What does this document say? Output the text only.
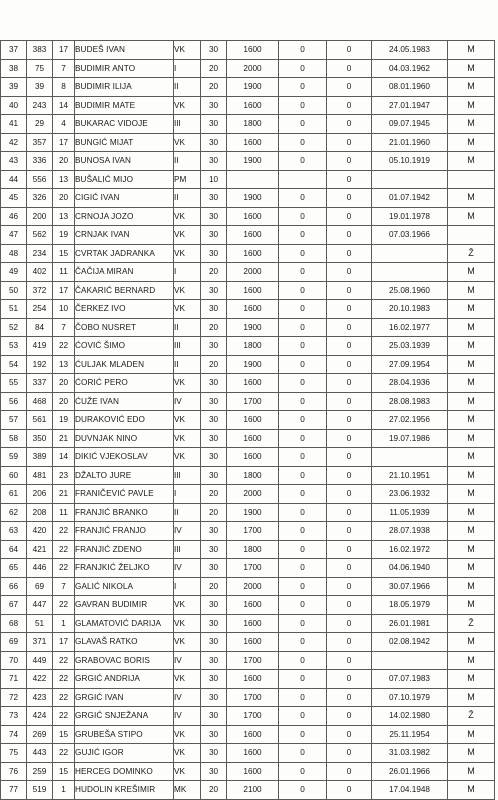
37	383	17	BUDEŠ IVAN	VK	30	1600	0	0	24.05.1983	M
38	75	7	BUDIMIR ANTO	I	20	2000	0	0	04.03.1962	M
39	39	8	BUDIMIR ILIJA	II	20	1900	0	0	08.01.1960	M
40	243	14	BUDIMIR MATE	VK	30	1600	0	0	27.01.1947	M
41	29	4	BUKARAC VIDOJE	III	30	1800	0	0	09.07.1945	M
42	357	17	BUNGIĆ MIJAT	VK	30	1600	0	0	21.01.1960	M
43	336	20	BUNOSA IVAN	II	30	1900	0	0	05.10.1919	M
44	556	13	BUŠALIĆ MIJO	PM	10			0		
45	326	20	CIGIĆ IVAN	II	30	1900	0	0	01.07.1942	M
46	200	13	CRNOJA JOZO	VK	30	1600	0	0	19.01.1978	M
47	562	19	CRNJAK IVAN	VK	30	1600	0	0	07.03.1966	
48	234	15	CVRTAK JADRANKA	VK	30	1600	0	0		Ž
49	402	11	ČAČIJA MIRAN	I	20	2000	0	0		M
50	372	17	ČAKARIĆ BERNARD	VK	30	1600	0	0	25.08.1960	M
51	254	10	ČERKEZ IVO	VK	30	1600	0	0	20.10.1983	M
52	84	7	ČOBO NUSRET	II	20	1900	0	0	16.02.1977	M
53	419	22	ĆOVIĆ ŠIMO	III	30	1800	0	0	25.03.1939	M
54	192	13	ĆULJAK MLADEN	II	20	1900	0	0	27.09.1954	M
55	337	20	ĆORIĆ PERO	VK	30	1600	0	0	28.04.1936	M
56	468	20	ĆUŽE IVAN	IV	30	1700	0	0	28.08.1983	M
57	561	19	DURAKOVIĆ EDO	VK	30	1600	0	0	27.02.1956	M
58	350	21	DUVNJAK NINO	VK	30	1600	0	0	19.07.1986	M
59	389	14	DIKIĆ VJEKOSLAV	VK	30	1600	0	0		M
60	481	23	DŽALTO JURE	III	30	1800	0	0	21.10.1951	M
61	206	21	FRANIČEVIĆ PAVLE	I	20	2000	0	0	23.06.1932	M
62	208	11	FRANJIĆ BRANKO	II	20	1900	0	0	11.05.1939	M
63	420	22	FRANJIĆ FRANJO	IV	30	1700	0	0	28.07.1938	M
64	421	22	FRANJIĆ ZDENO	III	30	1800	0	0	16.02.1972	M
65	446	22	FRANJKIĆ ŽELJKO	IV	30	1700	0	0	04.06.1940	M
66	69	7	GALIĆ NIKOLA	I	20	2000	0	0	30.07.1966	M
67	447	22	GAVRAN BUDIMIR	VK	30	1600	0	0	18.05.1979	M
68	51	1	GLAMATOVIĆ DARIJA	VK	30	1600	0	0	26.01.1981	Ž
69	371	17	GLAVAŠ RATKO	VK	30	1600	0	0	02.08.1942	M
70	449	22	GRABOVAC BORIS	IV	30	1700	0	0		M
71	422	22	GRGIĆ ANDRIJA	VK	30	1600	0	0	07.07.1983	M
72	423	22	GRGIĆ IVAN	IV	30	1700	0	0	07.10.1979	M
73	424	22	GRGIĆ SNJEŽANA	IV	30	1700	0	0	14.02.1980	Ž
74	269	15	GRUBEŠA STIPO	VK	30	1600	0	0	25.11.1954	M
75	443	22	GUJIĆ IGOR	VK	30	1600	0	0	31.03.1982	M
76	259	15	HERCEG DOMINKO	VK	30	1600	0	0	26.01.1966	M
77	519	1	HUDOLIN KREŠIMIR	MK	20	2100	0	0	17.04.1948	M
